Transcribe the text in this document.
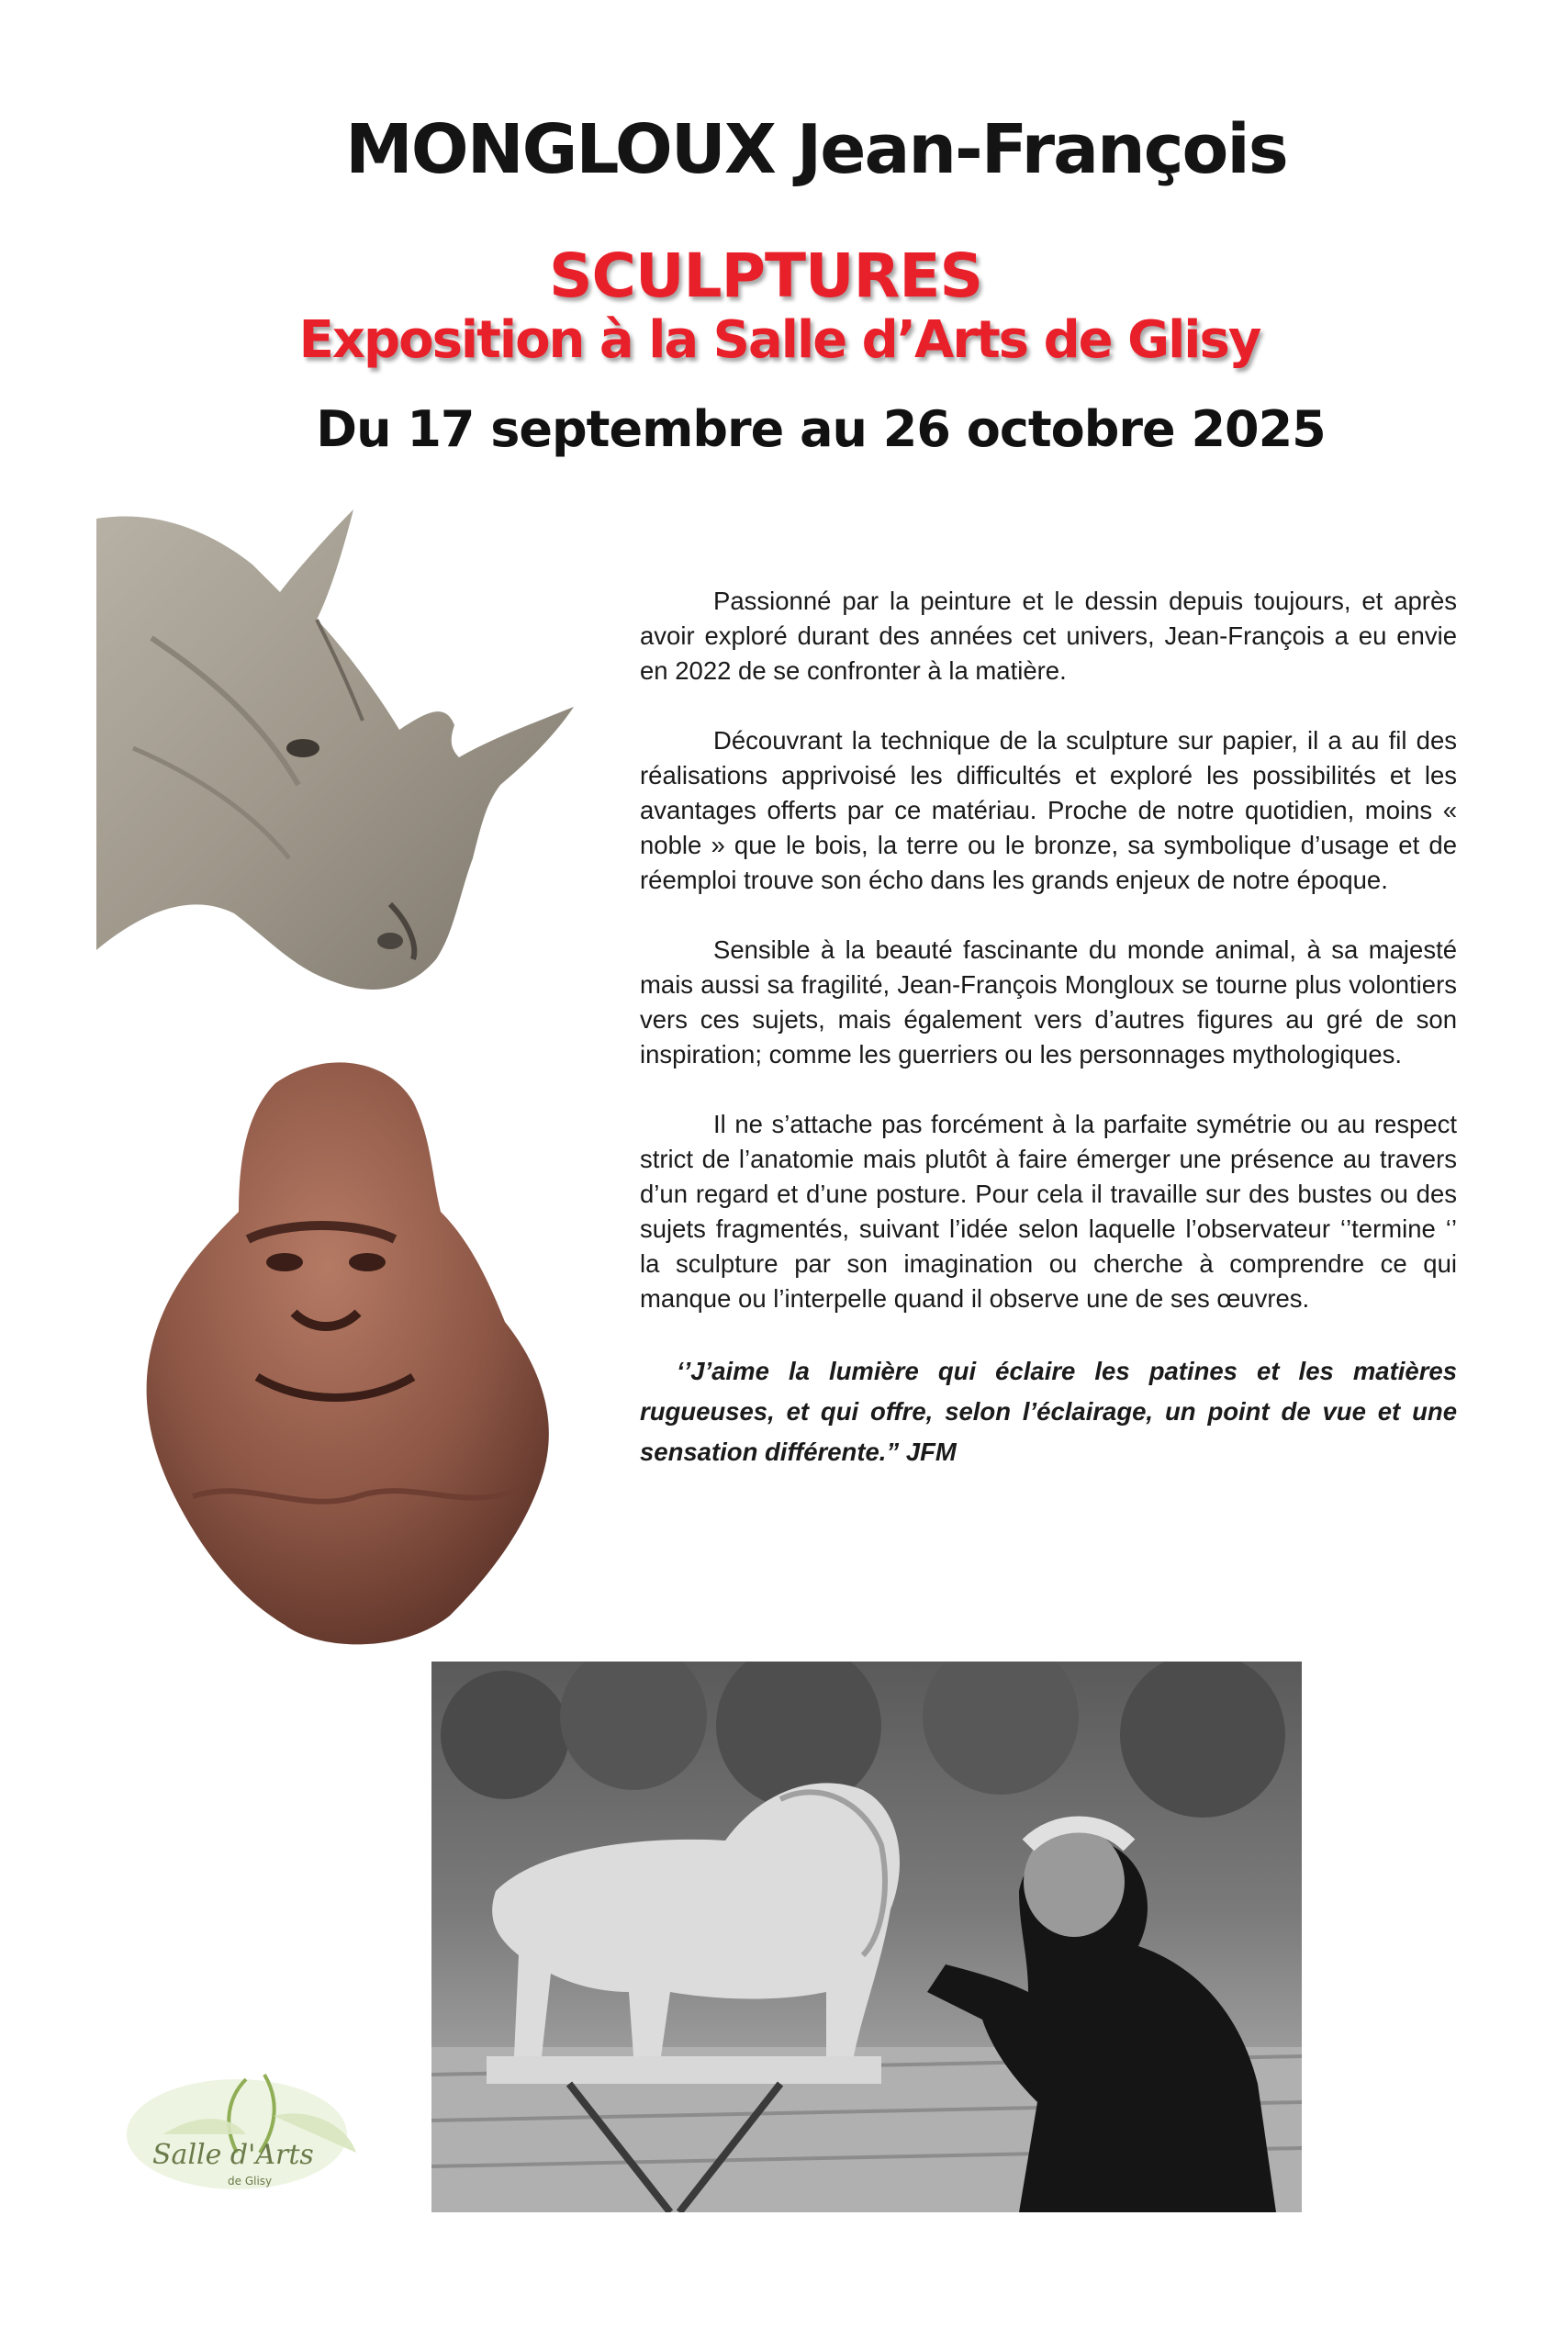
MONGLOUX Jean-François
SCULPTURES
Exposition à la Salle d’Arts de Glisy
Du 17 septembre au 26 octobre 2025

Passionné par la peinture et le dessin depuis toujours, et après avoir exploré durant des années cet univers, Jean-François a eu envie en 2022 de se confronter à la matière.

Découvrant la technique de la sculpture sur papier, il a au fil des réalisations apprivoisé les difficultés et exploré les possibilités et les avantages offerts par ce matériau. Proche de notre quotidien, moins « noble » que le bois, la terre ou le bronze, sa symbolique d’usage et de réemploi trouve son écho dans les grands enjeux de notre époque.

Sensible à la beauté fascinante du monde animal, à sa majesté mais aussi sa fragilité, Jean-François Mongloux se tourne plus volontiers vers ces sujets, mais également vers d’autres figures au gré de son inspiration; comme les guerriers ou les personnages mythologiques.

Il ne s’attache pas forcément à la parfaite symétrie ou au respect strict de l’anatomie mais plutôt à faire émerger une présence au travers d’un regard et d’une posture. Pour cela il travaille sur des bustes ou des sujets fragmentés, suivant l’idée selon laquelle l’observateur ‘’termine ‘’ la sculpture par son imagination ou cherche à comprendre ce qui manque ou l’interpelle quand il observe une de ses œuvres.

‘’J’aime la lumière qui éclaire les patines et les matières rugueuses, et qui offre, selon l’éclairage, un point de vue et une sensation différente.” JFM

Salle d'Arts
de Glisy
